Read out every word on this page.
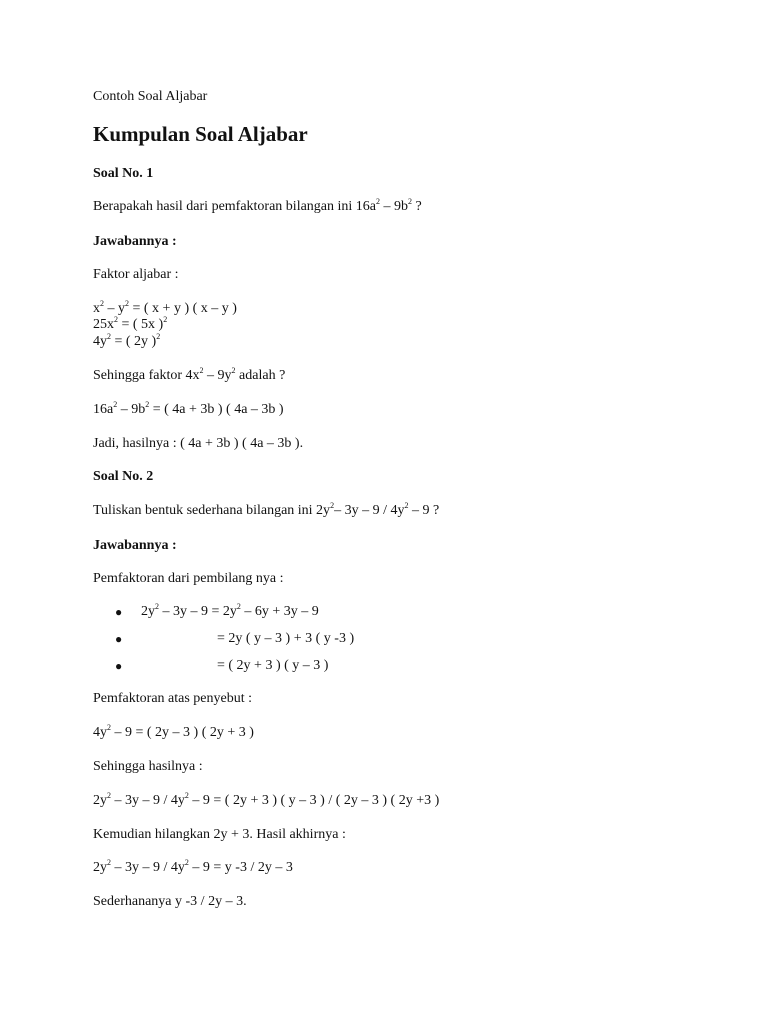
Contoh Soal Aljabar
Kumpulan Soal Aljabar
Soal No. 1
Berapakah hasil dari pemfaktoran bilangan ini $16a^2 - 9b^2$ ?
Jawabannya :
Faktor aljabar :
$x^2 - y^2$ = ( x + y ) ( x – y )
$25x^2$ = ( 5x )$^2$
$4y^2$ = ( 2y )$^2$
Sehingga faktor $4x^2 - 9y^2$ adalah ?
$16a^2 - 9b^2$ = ( 4a + 3b ) ( 4a – 3b )
Jadi, hasilnya : ( 4a + 3b ) ( 4a – 3b ).
Soal No. 2
Tuliskan bentuk sederhana bilangan ini $2y^2-$ $3y - 9 / 4y^2 - 9$ ?
Jawabannya :
Pemfaktoran dari pembilang nya :
● $2y^2 - 3y - 9 = 2y^2 - 6y + 3y - 9$
●	= 2y ( y – 3 ) + 3 ( y -3 )
●	= ( 2y + 3 ) ( y – 3 )
Pemfaktoran atas penyebut :
$4y^2 - 9$ = ( 2y – 3 ) ( 2y + 3 )
Sehingga hasilnya :
$2y^2 - 3y - 9 / 4y^2 - 9$ = ( 2y + 3 ) ( y – 3 ) / ( 2y – 3 ) ( 2y +3 )
Kemudian hilangkan 2y + 3. Hasil akhirnya :
$2y^2 - 3y - 9 / 4y^2 - 9 = y$ -3 / 2y – 3
Sederhananya y -3 / 2y – 3.
